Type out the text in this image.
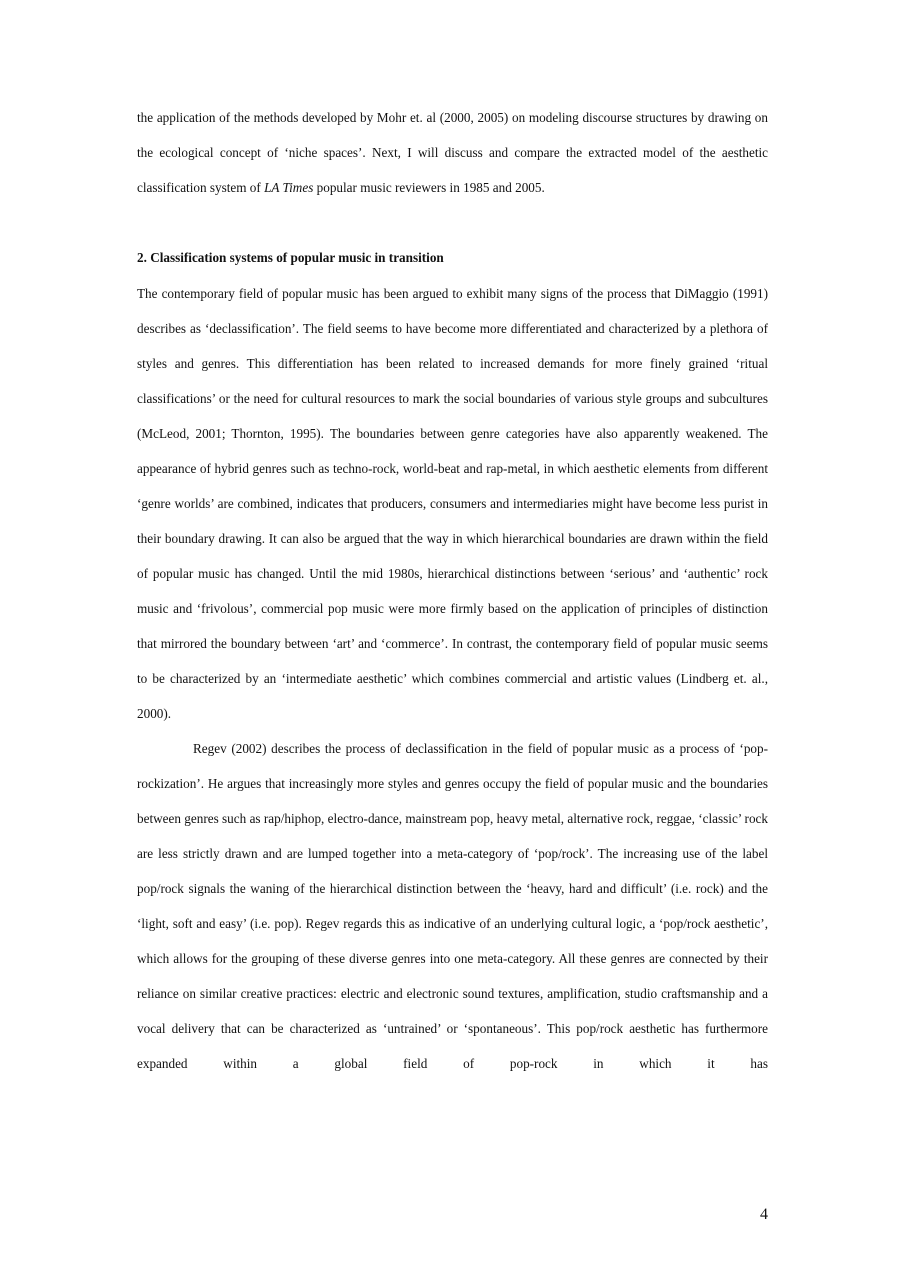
the application of the methods developed by Mohr et. al (2000, 2005) on modeling discourse structures by drawing on the ecological concept of ‘niche spaces’. Next, I will discuss and compare the extracted model of the aesthetic classification system of LA Times popular music reviewers in 1985 and 2005.

2. Classification systems of popular music in transition

The contemporary field of popular music has been argued to exhibit many signs of the process that DiMaggio (1991) describes as ‘declassification’. The field seems to have become more differentiated and characterized by a plethora of styles and genres. This differentiation has been related to increased demands for more finely grained ‘ritual classifications’ or the need for cultural resources to mark the social boundaries of various style groups and subcultures (McLeod, 2001; Thornton, 1995). The boundaries between genre categories have also apparently weakened. The appearance of hybrid genres such as techno-rock, world-beat and rap-metal, in which aesthetic elements from different ‘genre worlds’ are combined, indicates that producers, consumers and intermediaries might have become less purist in their boundary drawing. It can also be argued that the way in which hierarchical boundaries are drawn within the field of popular music has changed. Until the mid 1980s, hierarchical distinctions between ‘serious’ and ‘authentic’ rock music and ‘frivolous’, commercial pop music were more firmly based on the application of principles of distinction that mirrored the boundary between ‘art’ and ‘commerce’. In contrast, the contemporary field of popular music seems to be characterized by an ‘intermediate aesthetic’ which combines commercial and artistic values (Lindberg et. al., 2000).

Regev (2002) describes the process of declassification in the field of popular music as a process of ‘pop-rockization’. He argues that increasingly more styles and genres occupy the field of popular music and the boundaries between genres such as rap/hiphop, electro-dance, mainstream pop, heavy metal, alternative rock, reggae, ‘classic’ rock are less strictly drawn and are lumped together into a meta-category of ‘pop/rock’. The increasing use of the label pop/rock signals the waning of the hierarchical distinction between the ‘heavy, hard and difficult’ (i.e. rock) and the ‘light, soft and easy’ (i.e. pop). Regev regards this as indicative of an underlying cultural logic, a ‘pop/rock aesthetic’, which allows for the grouping of these diverse genres into one meta-category. All these genres are connected by their reliance on similar creative practices: electric and electronic sound textures, amplification, studio craftsmanship and a vocal delivery that can be characterized as ‘untrained’ or ‘spontaneous’. This pop/rock aesthetic has furthermore expanded within a global field of pop-rock in which it has

4
